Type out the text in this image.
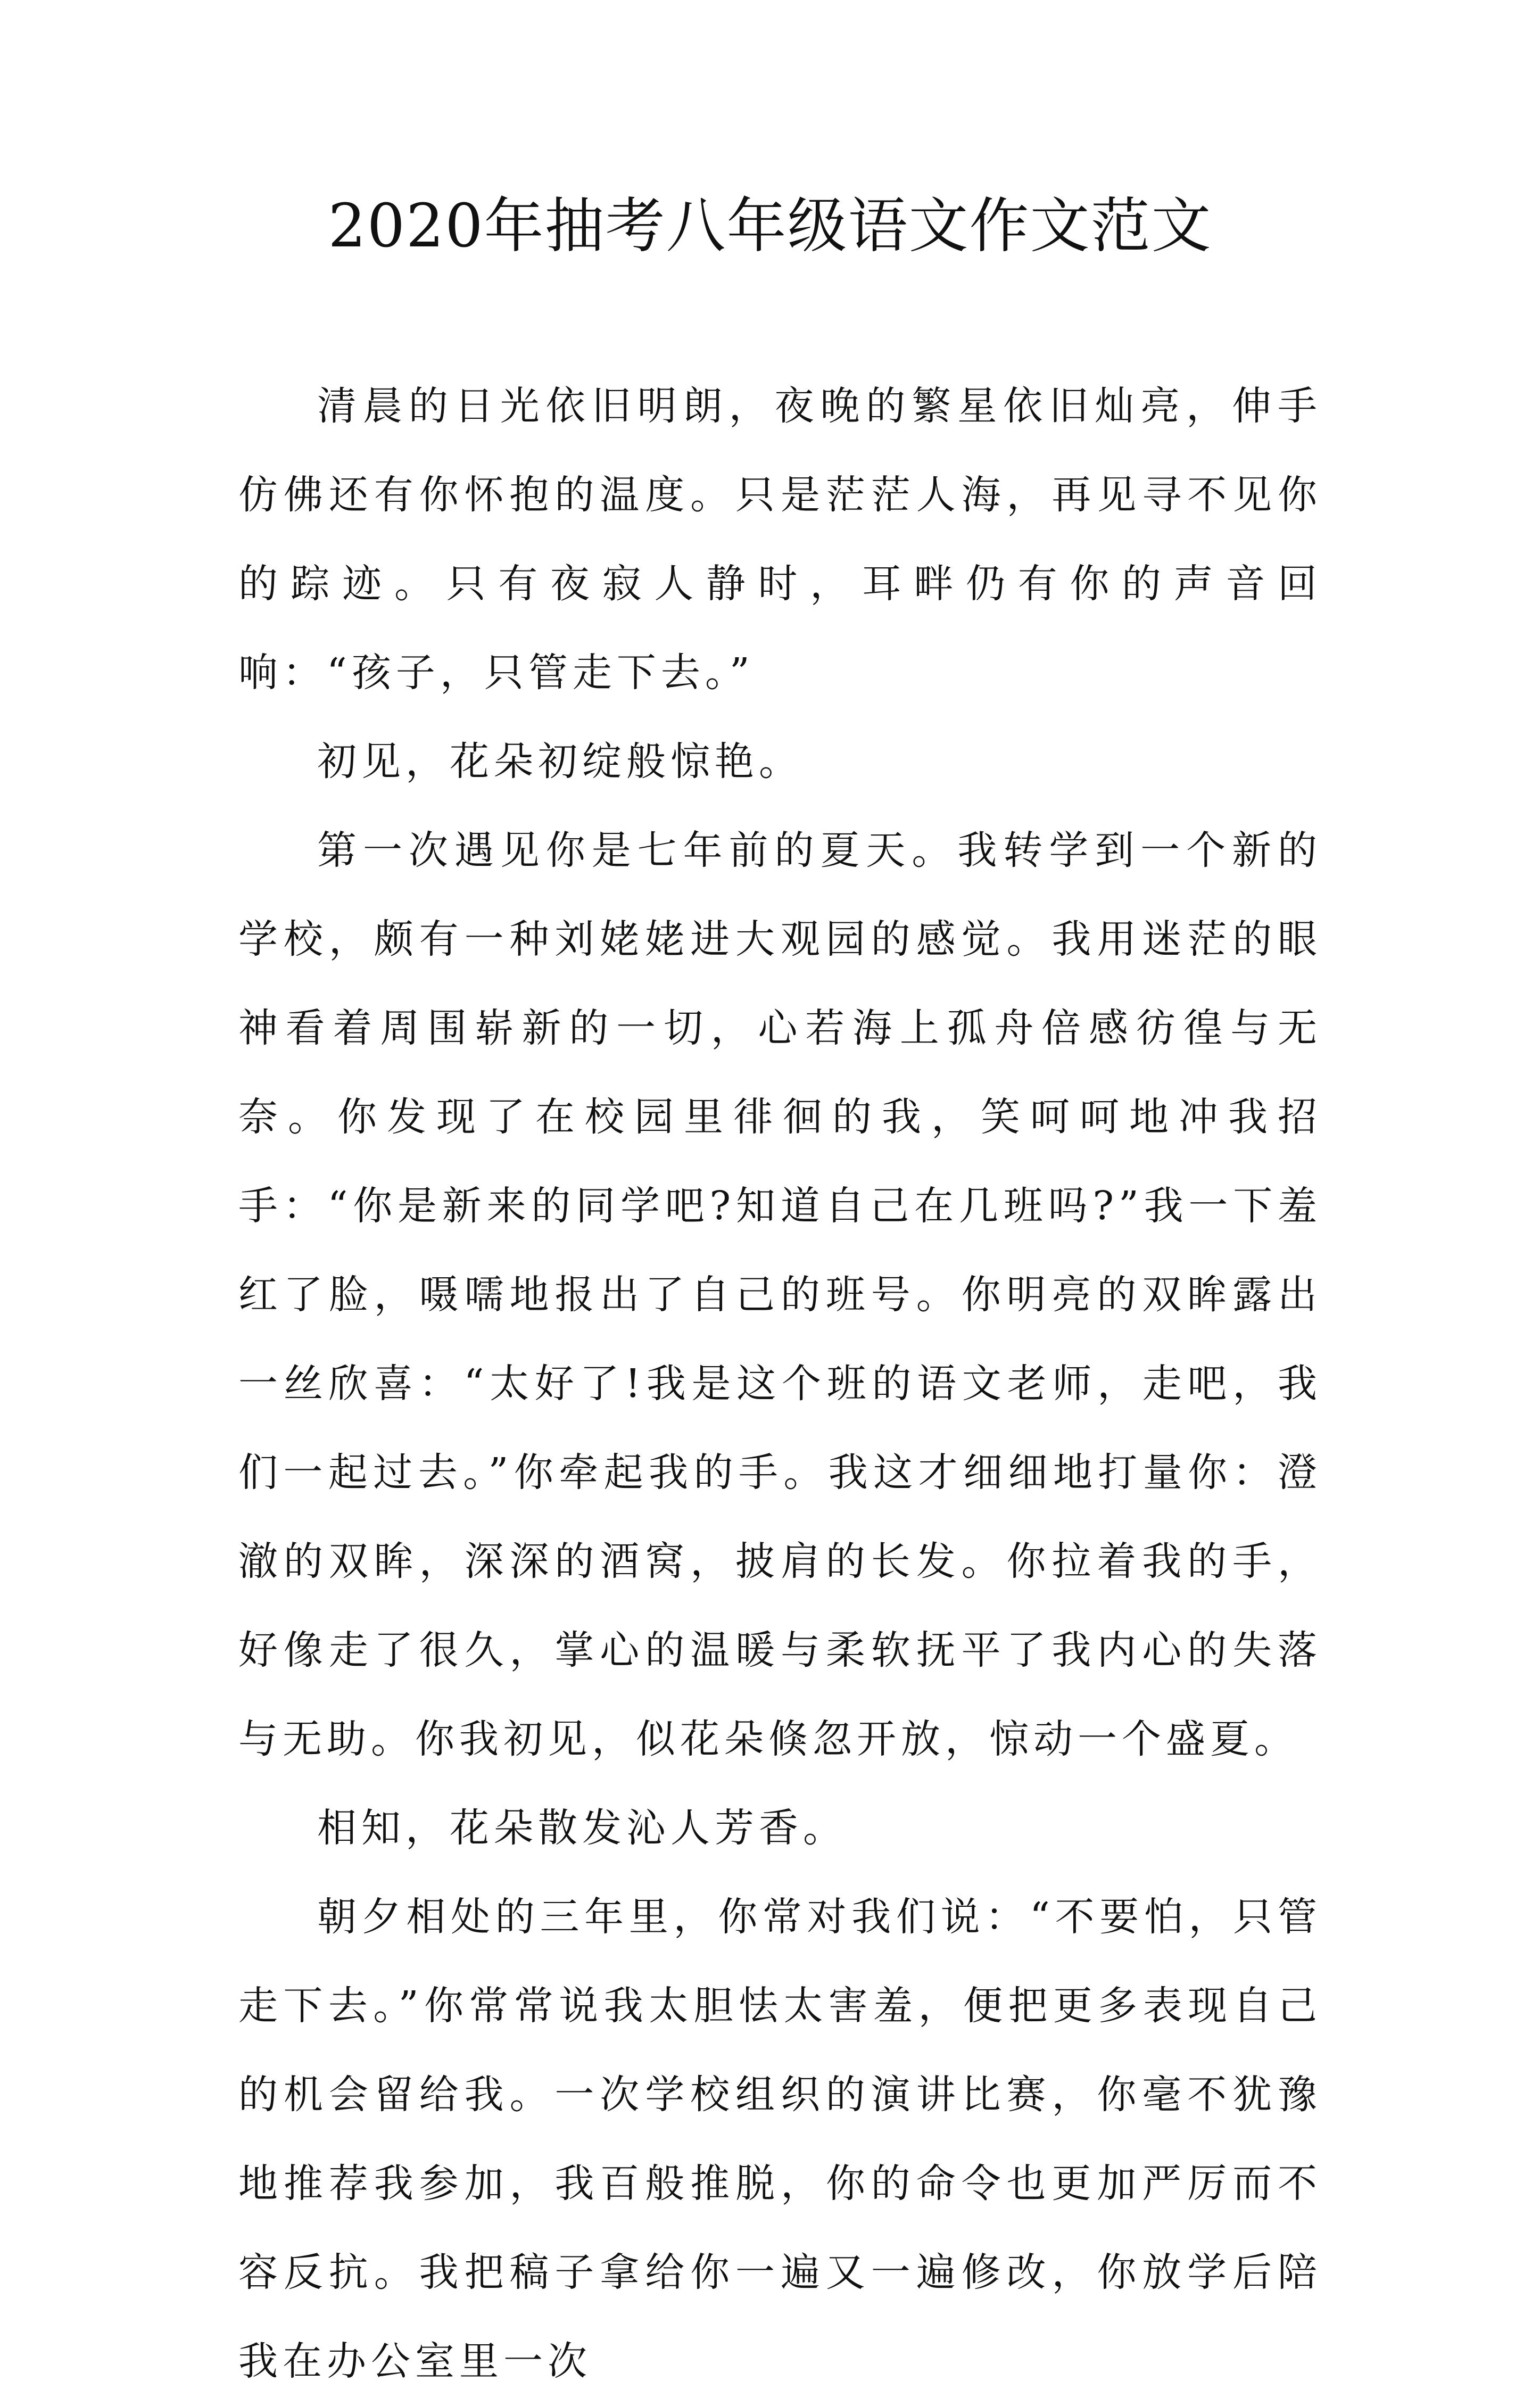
2020年抽考八年级语文作文范文

清晨的日光依旧明朗，夜晚的繁星依旧灿亮，伸手仿佛还有你怀抱的温度。只是茫茫人海，再见寻不见你的踪迹。只有夜寂人静时，耳畔仍有你的声音回响：“孩子，只管走下去。”

初见，花朵初绽般惊艳。

第一次遇见你是七年前的夏天。我转学到一个新的学校，颇有一种刘姥姥进大观园的感觉。我用迷茫的眼神看着周围崭新的一切，心若海上孤舟倍感彷徨与无奈。你发现了在校园里徘徊的我，笑呵呵地冲我招手：“你是新来的同学吧?知道自己在几班吗?”我一下羞红了脸，嗫嚅地报出了自己的班号。你明亮的双眸露出一丝欣喜：“太好了!我是这个班的语文老师，走吧，我们一起过去。”你牵起我的手。我这才细细地打量你：澄澈的双眸，深深的酒窝，披肩的长发。你拉着我的手，好像走了很久，掌心的温暖与柔软抚平了我内心的失落与无助。你我初见，似花朵倏忽开放，惊动一个盛夏。

相知，花朵散发沁人芳香。

朝夕相处的三年里，你常对我们说：“不要怕，只管走下去。”你常常说我太胆怯太害羞，便把更多表现自己的机会留给我。一次学校组织的演讲比赛，你毫不犹豫地推荐我参加，我百般推脱，你的命令也更加严厉而不容反抗。我把稿子拿给你一遍又一遍修改，你放学后陪我在办公室里一次
